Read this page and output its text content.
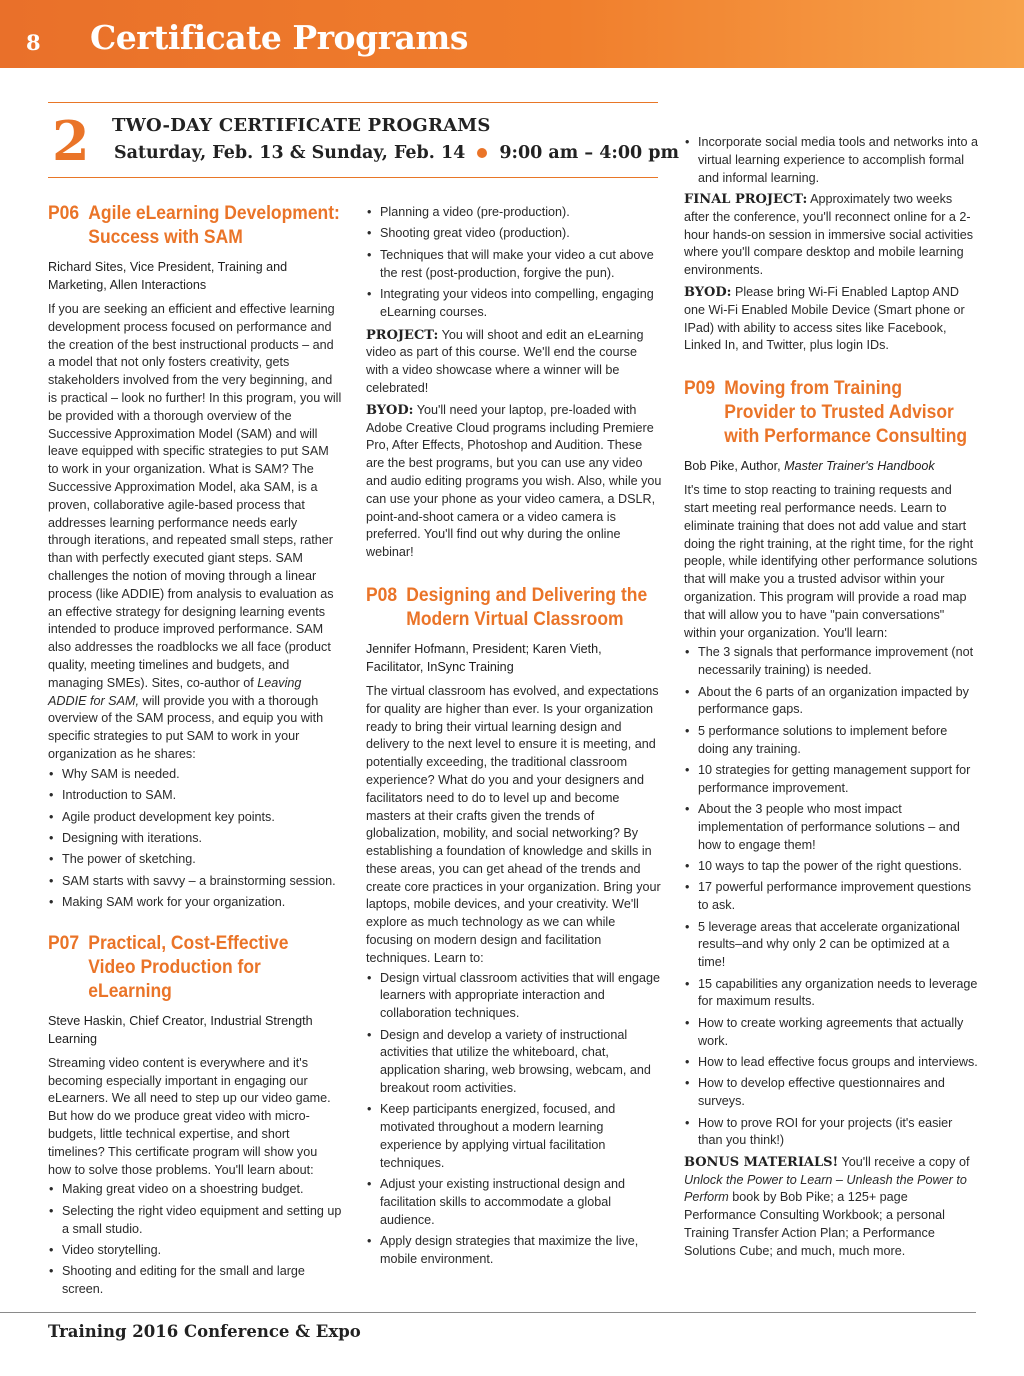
8 Certificate Programs
2 TWO-DAY CERTIFICATE PROGRAMS
Saturday, Feb. 13 & Sunday, Feb. 14 9:00 am – 4:00 pm
P06 Agile eLearning Development: Success with SAM
Richard Sites, Vice President, Training and Marketing, Allen Interactions

If you are seeking an efficient and effective learning development process focused on performance and the creation of the best instructional products – and a model that not only fosters creativity, gets stakeholders involved from the very beginning, and is practical – look no further! In this program, you will be provided with a thorough overview of the Successive Approximation Model (SAM) and will leave equipped with specific strategies to put SAM to work in your organization. What is SAM? The Successive Approximation Model, aka SAM, is a proven, collaborative agile-based process that addresses learning performance needs early through iterations, and repeated small steps, rather than with perfectly executed giant steps. SAM challenges the notion of moving through a linear process (like ADDIE) from analysis to evaluation as an effective strategy for designing learning events intended to produce improved performance. SAM also addresses the roadblocks we all face (product quality, meeting timelines and budgets, and managing SMEs). Sites, co-author of Leaving ADDIE for SAM, will provide you with a thorough overview of the SAM process, and equip you with specific strategies to put SAM to work in your organization as he shares:

• Why SAM is needed.
• Introduction to SAM.
• Agile product development key points.
• Designing with iterations.
• The power of sketching.
• SAM starts with savvy – a brainstorming session.
• Making SAM work for your organization.
P07 Practical, Cost-Effective Video Production for eLearning
Steve Haskin, Chief Creator, Industrial Strength Learning

Streaming video content is everywhere and it's becoming especially important in engaging our eLearners. We all need to step up our video game. But how do we produce great video with micro-budgets, little technical expertise, and short timelines? This certificate program will show you how to solve those problems. You'll learn about:

• Making great video on a shoestring budget.
• Selecting the right video equipment and setting up a small studio.
• Video storytelling.
• Shooting and editing for the small and large screen.
• Planning a video (pre-production).
• Shooting great video (production).
• Techniques that will make your video a cut above the rest (post-production, forgive the pun).
• Integrating your videos into compelling, engaging eLearning courses.

PROJECT: You will shoot and edit an eLearning video as part of this course. We'll end the course with a video showcase where a winner will be celebrated!

BYOD: You'll need your laptop, pre-loaded with Adobe Creative Cloud programs including Premiere Pro, After Effects, Photoshop and Audition. These are the best programs, but you can use any video and audio editing programs you wish. Also, while you can use your phone as your video camera, a DSLR, point-and-shoot camera or a video camera is preferred. You'll find out why during the online webinar!

P08 Designing and Delivering the Modern Virtual Classroom
Jennifer Hofmann, President; Karen Vieth, Facilitator, InSync Training

The virtual classroom has evolved, and expectations for quality are higher than ever. Is your organization ready to bring their virtual learning design and delivery to the next level to ensure it is meeting, and potentially exceeding, the traditional classroom experience? What do you and your designers and facilitators need to do to level up and become masters at their crafts given the trends of globalization, mobility, and social networking? By establishing a foundation of knowledge and skills in these areas, you can get ahead of the trends and create core practices in your organization. Bring your laptops, mobile devices, and your creativity. We'll explore as much technology as we can while focusing on modern design and facilitation techniques. Learn to:

• Design virtual classroom activities that will engage learners with appropriate interaction and collaboration techniques.
• Design and develop a variety of instructional activities that utilize the whiteboard, chat, application sharing, web browsing, webcam, and breakout room activities.
• Keep participants energized, focused, and motivated throughout a modern learning experience by applying virtual facilitation techniques.
• Adjust your existing instructional design and facilitation skills to accommodate a global audience.
• Apply design strategies that maximize the live, mobile environment.
• Incorporate social media tools and networks into a virtual learning experience to accomplish formal and informal learning.

FINAL PROJECT: Approximately two weeks after the conference, you'll reconnect online for a 2-hour hands-on session in immersive social activities where you'll compare desktop and mobile learning environments.

BYOD: Please bring Wi-Fi Enabled Laptop AND one Wi-Fi Enabled Mobile Device (Smart phone or IPad) with ability to access sites like Facebook, Linked In, and Twitter, plus login IDs.

P09 Moving from Training Provider to Trusted Advisor with Performance Consulting
Bob Pike, Author, Master Trainer's Handbook

It's time to stop reacting to training requests and start meeting real performance needs. Learn to eliminate training that does not add value and start doing the right training, at the right time, for the right people, while identifying other performance solutions that will make you a trusted advisor within your organization. This program will provide a road map that will allow you to have "pain conversations" within your organization. You'll learn:

• The 3 signals that performance improvement (not necessarily training) is needed.
• About the 6 parts of an organization impacted by performance gaps.
• 5 performance solutions to implement before doing any training.
• 10 strategies for getting management support for performance improvement.
• About the 3 people who most impact implementation of performance solutions – and how to engage them!
• 10 ways to tap the power of the right questions.
• 17 powerful performance improvement questions to ask.
• 5 leverage areas that accelerate organizational results–and why only 2 can be optimized at a time!
• 15 capabilities any organization needs to leverage for maximum results.
• How to create working agreements that actually work.
• How to lead effective focus groups and interviews.
• How to develop effective questionnaires and surveys.
• How to prove ROI for your projects (it's easier than you think!)

BONUS MATERIALS! You'll receive a copy of Unlock the Power to Learn – Unleash the Power to Perform book by Bob Pike; a 125+ page Performance Consulting Workbook; a personal Training Transfer Action Plan; a Performance Solutions Cube; and much, much more.

Training 2016 Conference & Expo
